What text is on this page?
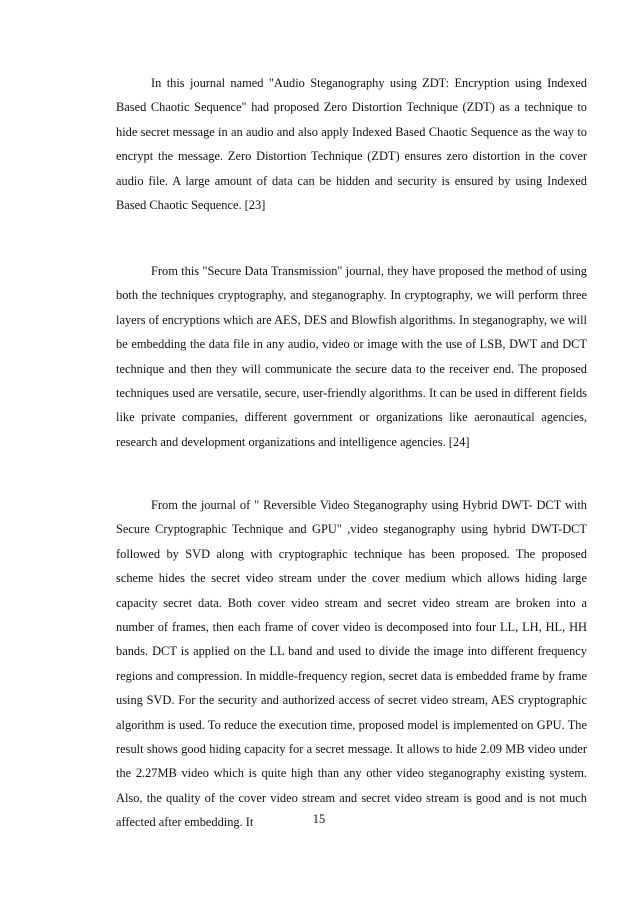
In this journal named "Audio Steganography using ZDT: Encryption using Indexed Based Chaotic Sequence" had proposed Zero Distortion Technique (ZDT) as a technique to hide secret message in an audio and also apply Indexed Based Chaotic Sequence as the way to encrypt the message. Zero Distortion Technique (ZDT) ensures zero distortion in the cover audio file. A large amount of data can be hidden and security is ensured by using Indexed Based Chaotic Sequence. [23]

From this "Secure Data Transmission" journal, they have proposed the method of using both the techniques cryptography, and steganography. In cryptography, we will perform three layers of encryptions which are AES, DES and Blowfish algorithms. In steganography, we will be embedding the data file in any audio, video or image with the use of LSB, DWT and DCT technique and then they will communicate the secure data to the receiver end. The proposed techniques used are versatile, secure, user-friendly algorithms. It can be used in different fields like private companies, different government or organizations like aeronautical agencies, research and development organizations and intelligence agencies. [24]

From the journal of " Reversible Video Steganography using Hybrid DWT- DCT with Secure Cryptographic Technique and GPU" ,video steganography using hybrid DWT-DCT followed by SVD along with cryptographic technique has been proposed. The proposed scheme hides the secret video stream under the cover medium which allows hiding large capacity secret data. Both cover video stream and secret video stream are broken into a number of frames, then each frame of cover video is decomposed into four LL, LH, HL, HH bands. DCT is applied on the LL band and used to divide the image into different frequency regions and compression. In middle-frequency region, secret data is embedded frame by frame using SVD. For the security and authorized access of secret video stream, AES cryptographic algorithm is used. To reduce the execution time, proposed model is implemented on GPU. The result shows good hiding capacity for a secret message. It allows to hide 2.09 MB video under the 2.27MB video which is quite high than any other video steganography existing system. Also, the quality of the cover video stream and secret video stream is good and is not much affected after embedding. It	15
